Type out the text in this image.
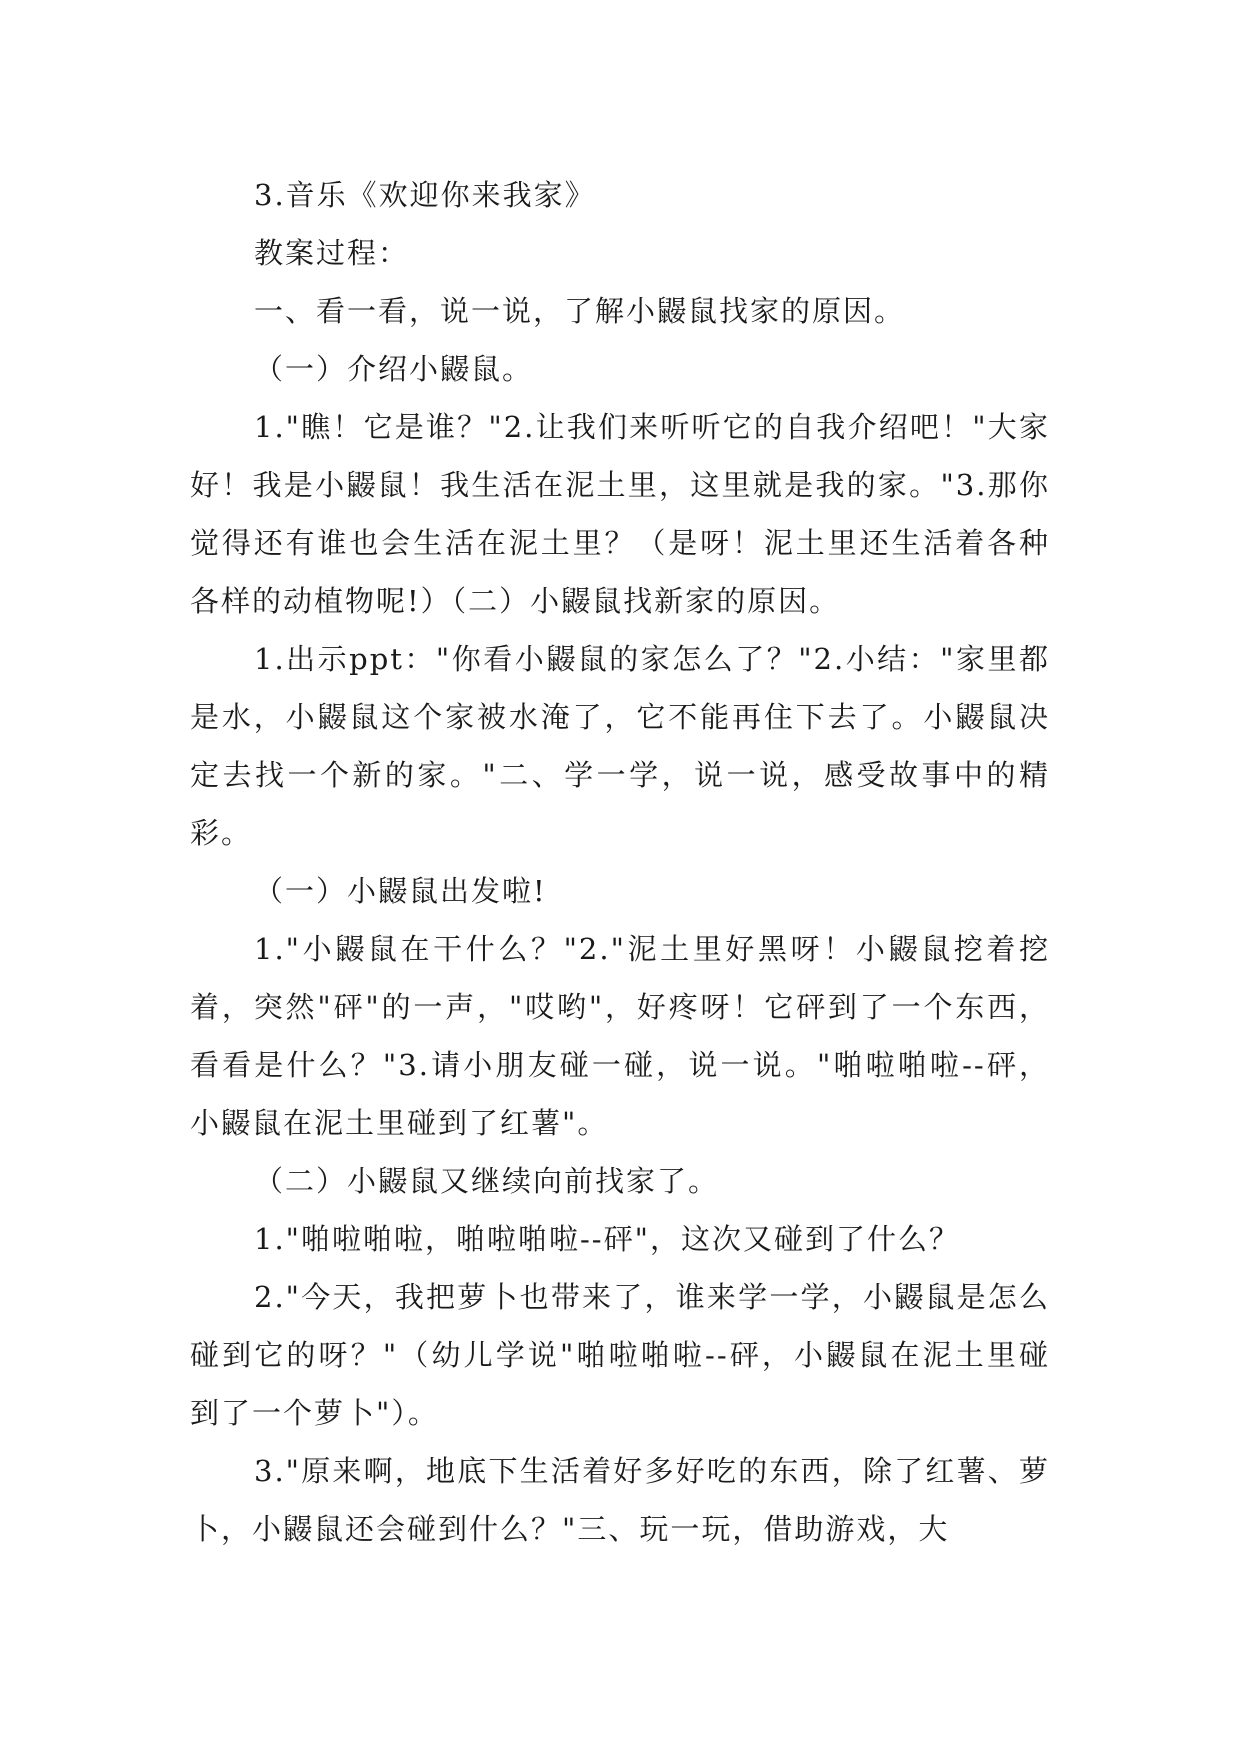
3.音乐《欢迎你来我家》

教案过程：

一、看一看，说一说，了解小鼹鼠找家的原因。

（一）介绍小鼹鼠。

1."瞧！它是谁？"2.让我们来听听它的自我介绍吧！"大家好！我是小鼹鼠！我生活在泥土里，这里就是我的家。"3.那你觉得还有谁也会生活在泥土里？（是呀！泥土里还生活着各种各样的动植物呢!）（二）小鼹鼠找新家的原因。

1.出示ppt："你看小鼹鼠的家怎么了？"2.小结："家里都是水，小鼹鼠这个家被水淹了，它不能再住下去了。小鼹鼠决定去找一个新的家。"二、学一学，说一说，感受故事中的精彩。

（一）小鼹鼠出发啦!

1."小鼹鼠在干什么？"2."泥土里好黑呀！小鼹鼠挖着挖着，突然"砰"的一声，"哎哟"，好疼呀！它砰到了一个东西，看看是什么？"3.请小朋友碰一碰，说一说。"啪啦啪啦--砰，小鼹鼠在泥土里碰到了红薯"。

（二）小鼹鼠又继续向前找家了。

1."啪啦啪啦，啪啦啪啦--砰"，这次又碰到了什么？

2."今天，我把萝卜也带来了，谁来学一学，小鼹鼠是怎么碰到它的呀？"（幼儿学说"啪啦啪啦--砰，小鼹鼠在泥土里碰到了一个萝卜"）。

3."原来啊，地底下生活着好多好吃的东西，除了红薯、萝卜，小鼹鼠还会碰到什么？"三、玩一玩，借助游戏，大
